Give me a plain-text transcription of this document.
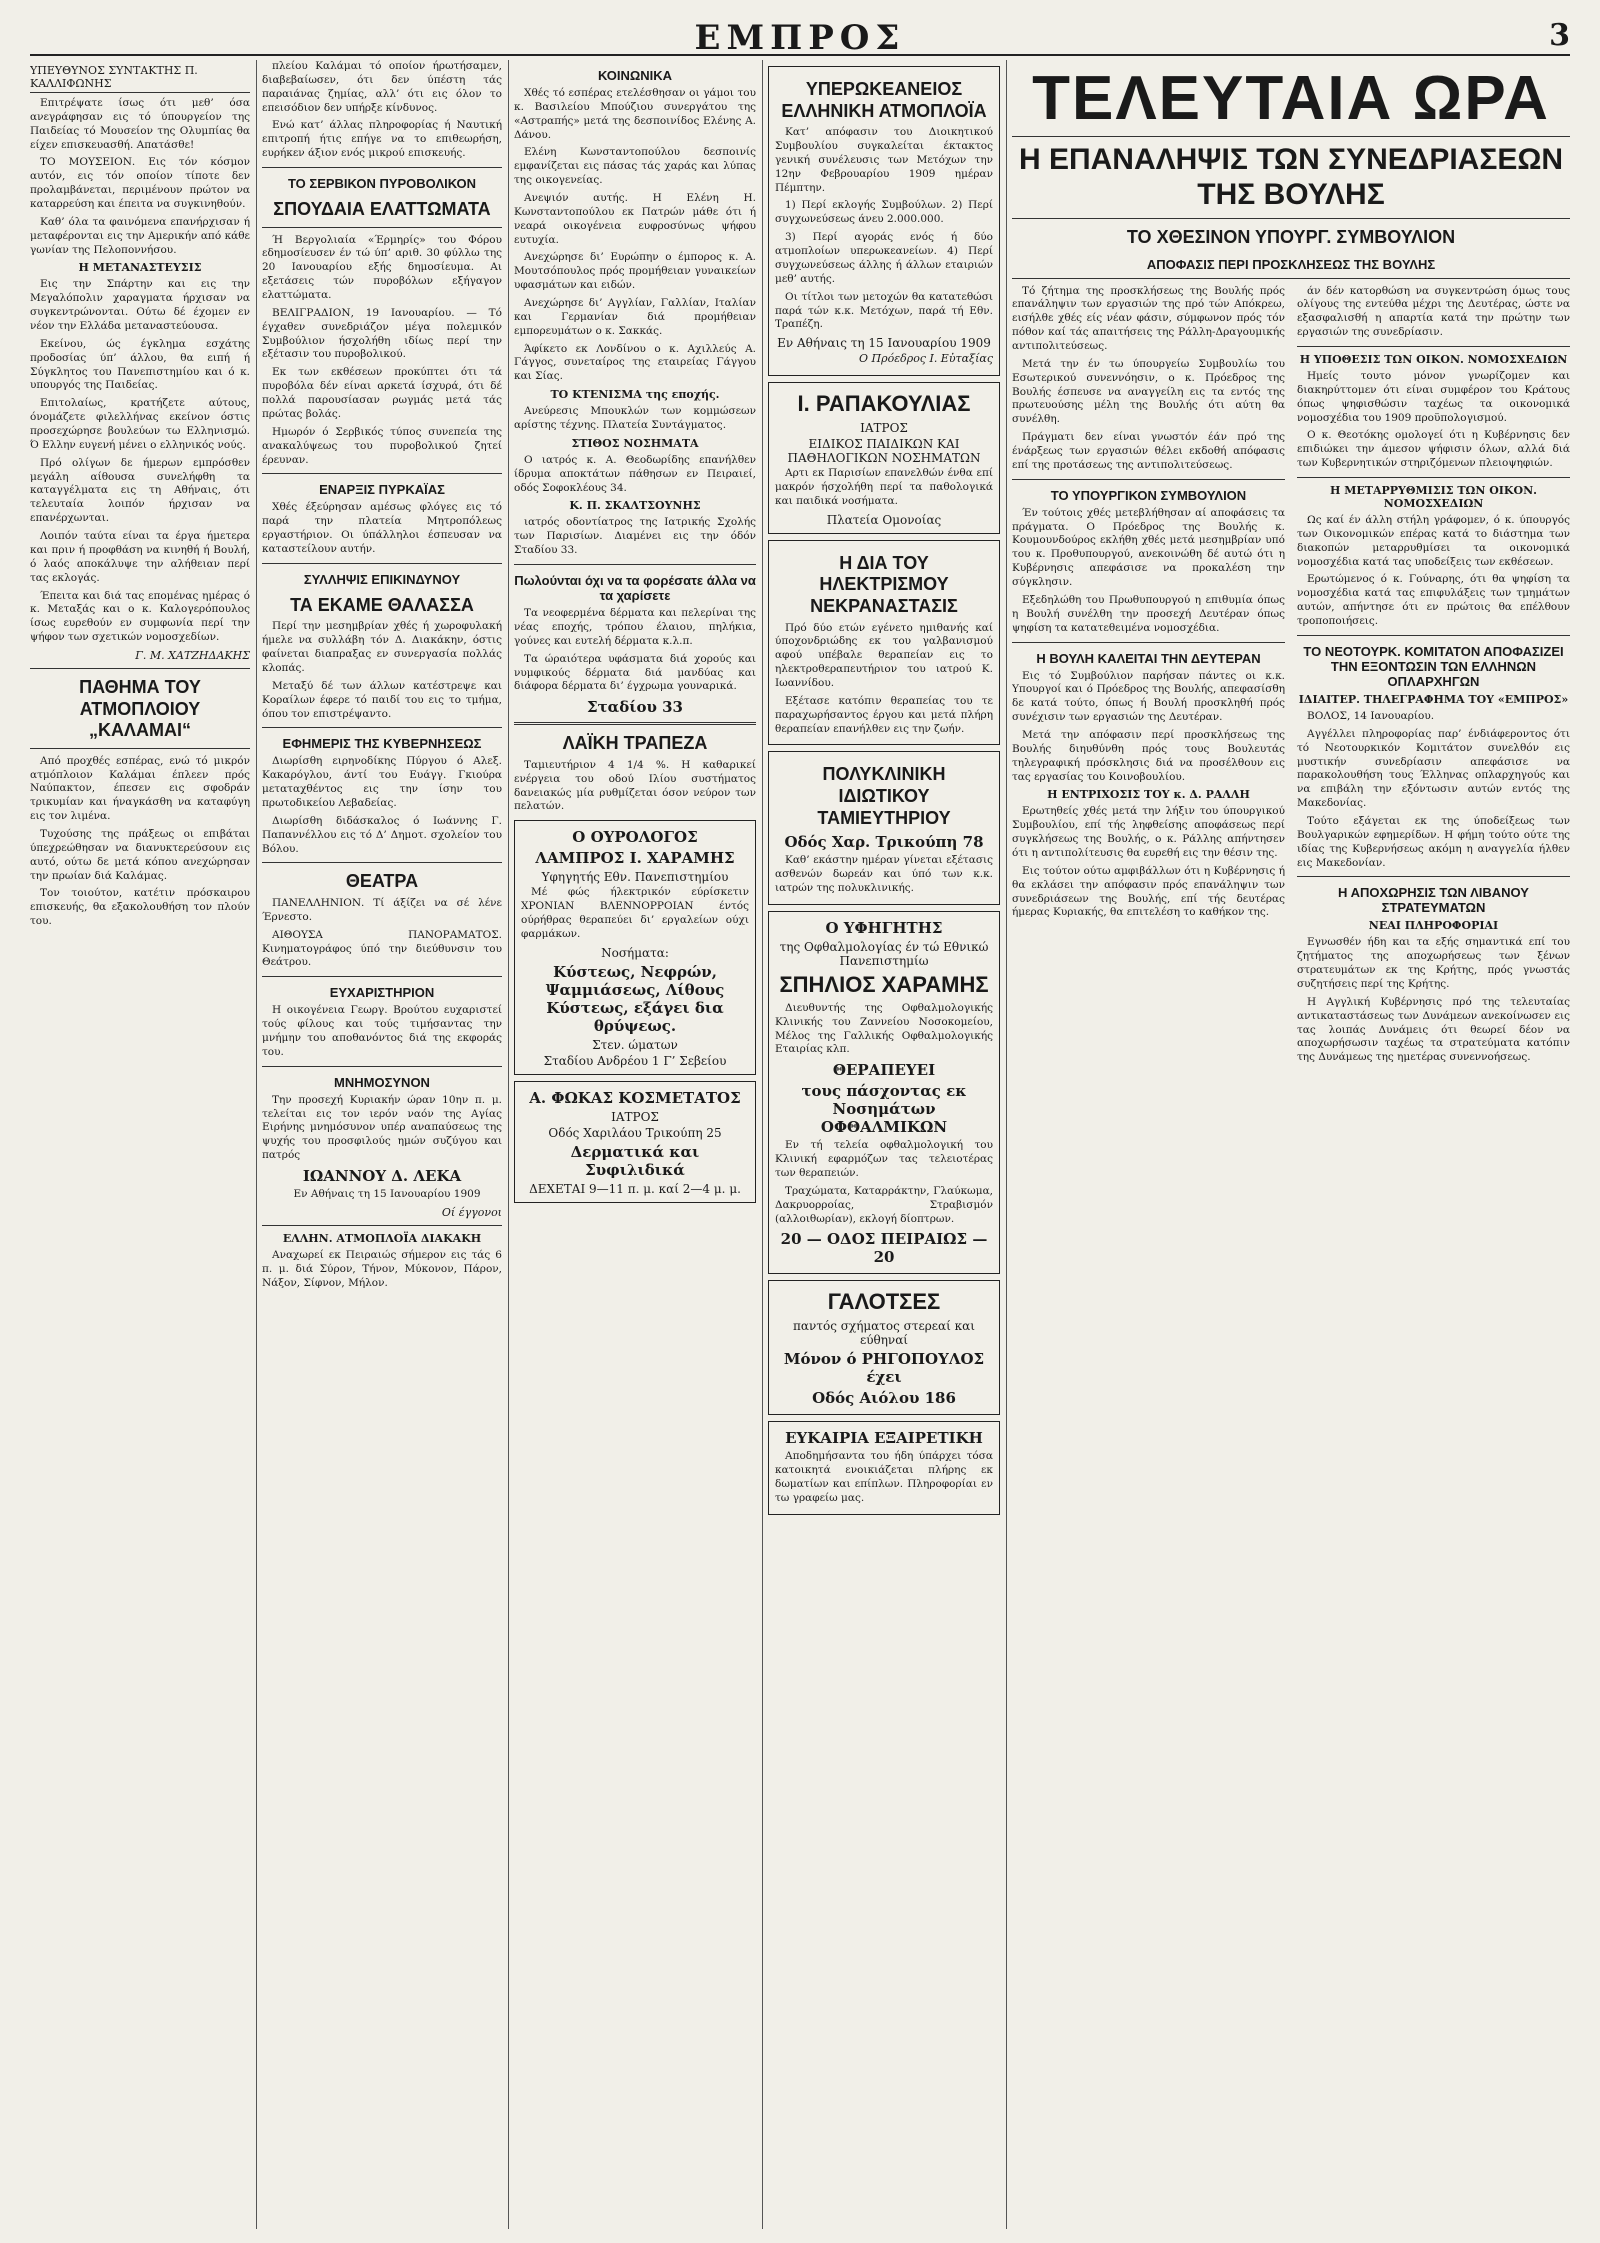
ΕΜΠΡΟΣ	3
ΥΠΕΥΘΥΝΟΣ ΣΥΝΤΑΚΤΗΣ Π. ΚΑΛΛΙΦΩΝΗΣ

Επιτρέψατε ίσως ότι μεθ’ όσα ανεγράφησαν εις τό ύπουργείον της Παιδείας τό Μουσείον της Ολυμπίας θα είχεν επισκευασθή. Απατάσθε!

ΤΟ ΜΟΥΣΕΙΟΝ. Εις τόν κόσμον αυτόν, εις τόν οποίον τίποτε δεν προλαμβάνεται, περιμένουν πρώτον να καταρρεύση και έπειτα να συγκινηθούν.

Καθ’ όλα τα φαινόμενα επανήρχισαν ή μεταφέρονται εις την Αμερικήν από κάθε γωνίαν της Πελοποννήσου.

Η ΜΕΤΑΝΑΣΤΕΥΣΙΣ

Εις την Σπάρτην και εις την Μεγαλόπολιν χαραγματα ήρχισαν να συγκεντρώνονται. Ούτω δέ έχομεν εν νέον την Ελλάδα μεταναστεύουσα.

Εκείνου, ώς έγκλημα εσχάτης προδοσίας ύπ’ άλλου, θα ειπή ή Σύγκλητος του Πανεπιστημίου και ό κ. υπουργός της Παιδείας.

Επιτολαίως, κρατήζετε αύτους, όνομάζετε φιλελλήνας εκείνον όστις προσεχώρησε βουλεύων τω Ελληνισμώ. Ό Ελλην ευγενή μένει ο ελληνικός νούς.

Πρό ολίγων δε ήμερων εμπρόσθεν μεγάλη αίθουσα συνελήφθη τα καταγγέλματα εις τη Αθήναις, ότι τελευταία λοιπόν ήρχισαν να επανέρχωνται.

Λοιπόν ταύτα είναι τα έργα ήμετερα και πριν ή προφθάση να κινηθή ή Βουλή, ό λαός αποκάλυψε την αλήθειαν περί τας εκλογάς.

Έπειτα και διά τας επομένας ημέρας ό κ. Μεταξάς και ο κ. Καλογερόπουλος ίσως ευρεθούν εν συμφωνία περί την ψήφον των σχετικών νομοσχεδίων.

Γ. Μ. ΧΑΤΖΗΔΑΚΗΣ
ΠΑΘΗΜΑ ΤΟΥ ΑΤΜΟΠΛΟΙΟΥ „ΚΑΛΑΜΑΙ“

Από προχθές εσπέρας, ενώ τό μικρόν ατμόπλοιον Καλάμαι έπλεεν πρός Ναύπακτον, έπεσεν εις σφοδράν τρικυμίαν και ήναγκάσθη να καταφύγη εις τον λιμένα.

Τυχούσης της πράξεως οι επιβάται ύπεχρεώθησαν να διανυκτερεύσουν εις αυτό, ούτω δε μετά κόπου ανεχώρησαν την πρωίαν διά Καλάμας.

Τον τοιούτον, κατέτιν πρόσκαιρου επισκευής, θα εξακολουθήση τον πλούν του.

πλείου Καλάμαι τό οποίον ήρωτήσαμεν, διαβεβαίωσεν, ότι δεν ύπέστη τάς παραιάνας ζημίας, αλλ’ ότι εις όλον το επεισόδιον δεν υπήρξε κίνδυνος.

Ενώ κατ’ άλλας πληροφορίας ή Ναυτική επιτροπή ήτις επήγε να το επιθεωρήση, ευρήκεν άξιον ενός μικρού επισκευής.

ΤΟ ΣΕΡΒΙΚΟΝ ΠΥΡΟΒΟΛΙΚΟΝ
ΣΠΟΥΔΑΙΑ ΕΛΑΤΤΩΜΑΤΑ

Ή Βεργολιαία «Έρμηρίς» του Φόρου εδημοσίευσεν έν τώ ύπ’ αριθ. 30 φύλλω της 20 Ιανουαρίου εξής δημοσίευμα. Αι εξετάσεις τών πυροβόλων εξήγαγον ελαττώματα.

ΒΕΛΙΓΡΑΔΙΟΝ, 19 Ιανουαρίου. — Τό έγχαθεν συνεδριάζον μέγα πολεμικόν Συμβούλιον ήσχολήθη ιδίως περί την εξέτασιν του πυροβολικού.

Εκ των εκθέσεων προκύπτει ότι τά πυροβόλα δέν είναι αρκετά ίσχυρά, ότι δέ πολλά παρουσίασαν ρωγμάς μετά τάς πρώτας βολάς.

Ημωρόν ό Σερβικός τύπος συνεπεία της ανακαλύψεως του πυροβολικού ζητεί έρευναν.

ΕΝΑΡΞΙΣ ΠΥΡΚΑΪΑΣ

Χθές έξεύρησαν αμέσως φλόγες εις τό παρά την πλατεία Μητροπόλεως εργαστήριον. Οι ύπάλληλοι έσπευσαν να καταστείλουν αυτήν.

ΣΥΛΛΗΨΙΣ ΕΠΙΚΙΝΔΥΝΟΥ
ΤΑ ΕΚΑΜΕ ΘΑΛΑΣΣΑ

Περί την μεσημβρίαν χθές ή χωροφυλακή ήμελε να συλλάβη τόν Δ. Διακάκην, όστις φαίνεται διαπραξας εν συνεργασία πολλάς κλοπάς.

Μεταξύ δέ των άλλων κατέστρεψε και Κοραίλων έφερε τό παιδί του εις το τμήμα, όπου τον επιστρέψαντο.

ΕΦΗΜΕΡΙΣ ΤΗΣ ΚΥΒΕΡΝΗΣΕΩΣ

Διωρίσθη ειρηνοδίκης Πύργου ό Αλεξ. Κακαρόγλου, άντί του Ευάγγ. Γκιούρα μεταταχθέντος εις την ίσην του πρωτοδικείου Λεβαδείας.

Διωρίσθη διδάσκαλος ό Ιωάννης Γ. Παπαννέλλου εις τό Δ’ Δημοτ. σχολείον του Βόλου.

ΘΕΑΤΡΑ

ΠΑΝΕΛΛΗΝΙΟΝ. Τί άξίζει να σέ λένε Έρνεστο.

ΑΙΘΟΥΣΑ ΠΑΝΟΡΑΜΑΤΟΣ. Κινηματογράφος ύπό την διεύθυνσιν του Θεάτρου.

ΕΥΧΑΡΙΣΤΗΡΙΟΝ

Η οικογένεια Γεωργ. Βρούτου ευχαριστεί τούς φίλους και τούς τιμήσαντας την μνήμην του αποθανόντος διά της εκφοράς του.

ΜΝΗΜΟΣΥΝΟΝ

Την προσεχή Κυριακήν ώραν 10ην π. μ. τελείται εις τον ιερόν ναόν της Αγίας Ειρήνης μνημόσυνον υπέρ αναπαύσεως της ψυχής του προσφιλούς ημών συζύγου και πατρός

ΙΩΑΝΝΟΥ Δ. ΛΕΚΑ

Εν Αθήναις τη 15 Ιανουαρίου 1909

Οί έγγονοι
ΕΛΛΗΝ. ΑΤΜΟΠΛΟΪΑ ΔΙΑΚΑΚΗ

Αναχωρεί εκ Πειραιώς σήμερον εις τάς 6 π. μ. διά Σύρον, Τήνον, Μύκονον, Πάρον, Νάξον, Σίφνον, Μήλον.

ΚΟΙΝΩΝΙΚΑ

Χθές τό εσπέρας ετελέσθησαν οι γάμοι του κ. Βασιλείου Μπούζιου συνεργάτου της «Αστραπής» μετά της δεσποινίδος Ελένης Α. Δάνου.

Ελένη Κωνσταντοπούλου δεσποινίς εμφανίζεται εις πάσας τάς χαράς και λύπας της οικογενείας.

Ανεψιόν αυτής. Η Ελένη Η. Κωνσταντοπούλου εκ Πατρών μάθε ότι ή νεαρά οικογένεια ευφροσύνως ψήφου ευτυχία.

Ανεχώρησε δι’ Ευρώπην ο έμπορος κ. Α. Μουτσόπουλος πρός προμήθειαν γυναικείων υφασμάτων και ειδών.

Ανεχώρησε δι’ Αγγλίαν, Γαλλίαν, Ιταλίαν και Γερμανίαν διά προμήθειαν εμπορευμάτων ο κ. Σακκάς.

Άφίκετο εκ Λονδίνου ο κ. Αχιλλεύς Α. Γάγγος, συνεταίρος της εταιρείας Γάγγου και Σίας.

ΤΟ ΚΤΕΝΙΣΜΑ της εποχής.

Ανεύρεσις Μπουκλών των κομμώσεων αρίστης τέχνης. Πλατεία Συντάγματος.

ΣΤΙΘΟΣ ΝΟΣΗΜΑΤΑ

Ο ιατρός κ. Α. Θεοδωρίδης επανήλθεν ίδρυμα αποκτάτων πάθησων εν Πειραιεί, οδός Σοφοκλέους 34.

Κ. Π. ΣΚΑΛΤΣΟΥΝΗΣ

ιατρός οδοντίατρος της Ιατρικής Σχολής των Παρισίων. Διαμένει εις την όδόν Σταδίου 33.

Πωλούνται όχι να τα φορέσατε άλλα να τα χαρίσετε

Τα νεοφερμένα δέρματα και πελερίναι της νέας εποχής, τρόπου έλαιου, πηλήκια, γούνες και ευτελή δέρματα κ.λ.π.

Τα ώραιότερα υφάσματα διά χορούς και νυμφικούς δέρματα διά μανδύας και διάφορα δέρματα δι’ έγχρωμα γουναρικά.

Σταδίου 33
ΛΑΪΚΗ ΤΡΑΠΕΖΑ

Ταμιευτήριον 4 1/4 %. Η καθαρικεί ενέργεια του οδού Ιλίου συστήματος δανειακώς μία ρυθμίζεται όσον νεύρον των πελατών.

Ο ΟΥΡΟΛΟΓΟΣ
ΛΑΜΠΡΟΣ Ι. ΧΑΡΑΜΗΣ
Υφηγητής Εθν. Πανεπιστημίου

Μέ φώς ήλεκτρικόν εύρίσκετιν ΧΡΟΝΙΑΝ ΒΛΕΝΝΟΡΡΟΙΑΝ έντός ούρήθρας θεραπεύει δι’ εργαλείων ούχι φαρμάκων.

Νοσήματα:
Κύστεως, Νεφρών, Ψαμμιάσεως, Λίθους Κύστεως, εξάγει δια θρύψεως.
Στεν. ώματων
Σταδίου Ανδρέου 1 Γ’ Σεβείου
Α. ΦΩΚΑΣ ΚΟΣΜΕΤΑΤΟΣ
ΙΑΤΡΟΣ
Οδός Χαριλάου Τρικούπη 25
Δερματικά και Συφιλιδικά
ΔΕΧΕΤΑΙ 9—11 π. μ. καί 2—4 μ. μ.
ΥΠΕΡΩΚΕΑΝΕΙΟΣ ΕΛΛΗΝΙΚΗ ΑΤΜΟΠΛΟΪΑ

Κατ’ απόφασιν του Διοικητικού Συμβουλίου συγκαλείται έκτακτος γενική συνέλευσις των Μετόχων την 12ην Φεβρουαρίου 1909 ημέραν Πέμπτην.

1) Περί εκλογής Συμβούλων. 2) Περί συγχωνεύσεως άνευ 2.000.000.

3) Περί αγοράς ενός ή δύο ατμοπλοίων υπερωκεανείων. 4) Περί συγχωνεύσεως άλλης ή άλλων εταιριών μεθ’ αυτής.

Οι τίτλοι των μετοχών θα κατατεθώσι παρά τών κ.κ. Μετόχων, παρά τή Εθν. Τραπέζη.

Εν Αθήναις τη 15 Ιανουαρίου 1909
Ο Πρόεδρος Ι. Εὐταξίας
Ι. ΡΑΠΑΚΟΥΛΙΑΣ
ΙΑΤΡΟΣ
ΕΙΔΙΚΟΣ ΠΑΙΔΙΚΩΝ ΚΑΙ ΠΑΘΗΛΟΓΙΚΩΝ ΝΟΣΗΜΑΤΩΝ

Αρτι εκ Παρισίων επανελθών ένθα επί μακρόν ήσχολήθη περί τα παθολογικά και παιδικά νοσήματα.

Πλατεία Ομονοίας
Η ΔΙΑ ΤΟΥ ΗΛΕΚΤΡΙΣΜΟΥ ΝΕΚΡΑΝΑΣΤΑΣΙΣ

Πρό δύο ετών εγένετο ημιθανής καί ύποχονδριώδης εκ του γαλβανισμού αφού υπέβαλε θεραπείαν εις το ηλεκτροθεραπευτήριον του ιατρού Κ. Ιωαννίδου.

Εξέτασε κατόπιν θεραπείας του τε παραχωρήσαντος έργου και μετά πλήρη θεραπείαν επανήλθεν εις την ζωήν.

ΠΟΛΥΚΛΙΝΙΚΗ ΙΔΙΩΤΙΚΟΥ ΤΑΜΙΕΥΤΗΡΙΟΥ
Οδός Χαρ. Τρικούπη 78

Καθ’ εκάστην ημέραν γίνεται εξέτασις ασθενών δωρεάν και ύπό των κ.κ. ιατρών της πολυκλινικής.

Ο ΥΦΗΓΗΤΗΣ
της Οφθαλμολογίας έν τώ Εθνικώ Πανεπιστημίω
ΣΠΗΛΙΟΣ ΧΑΡΑΜΗΣ

Διευθυντής της Οφθαλμολογικής Κλινικής του Ζαννείου Νοσοκομείου, Μέλος της Γαλλικής Οφθαλμολογικής Εταιρίας κλπ.

ΘΕΡΑΠΕΥΕΙ
τους πάσχοντας εκ Νοσημάτων ΟΦΘΑΛΜΙΚΩΝ

Εν τή τελεία οφθαλμολογική του Κλινική εφαρμόζων τας τελειοτέρας των θεραπειών.

Τραχώματα, Καταρράκτην, Γλαύκωμα, Δακρυορροίας, Στραβισμόν (αλλοιθωρίαν), εκλογή δίοπτρων.

20 — ΟΔΟΣ ΠΕΙΡΑΙΩΣ — 20
ΓΑΛΟΤΣΕΣ
παντός σχήματος στερεαί και εύθηναί
Μόνον ό ΡΗΓΟΠΟΥΛΟΣ έχει
Οδός Αιόλου 186
ΕΥΚΑΙΡΙΑ ΕΞΑΙΡΕΤΙΚΗ

Αποδημήσαντα του ήδη ύπάρχει τόσα κατοικητά ενοικιάζεται πλήρης εκ δωματίων και επίπλων. Πληροφορίαι εν τω γραφείω μας.

ΤΕΛΕΥΤΑΙΑ ΩΡΑ
Η ΕΠΑΝΑΛΗΨΙΣ ΤΩΝ ΣΥΝΕΔΡΙΑΣΕΩΝ ΤΗΣ ΒΟΥΛΗΣ
ΤΟ ΧΘΕΣΙΝΟΝ ΥΠΟΥΡΓ. ΣΥΜΒΟΥΛΙΟΝ
ΑΠΟΦΑΣΙΣ ΠΕΡΙ ΠΡΟΣΚΛΗΣΕΩΣ ΤΗΣ ΒΟΥΛΗΣ

Τό ζήτημα της προσκλήσεως της Βουλής πρός επανάληψιν των εργασιών της πρό τών Απόκρεω, εισήλθε χθές είς νέαν φάσιν, σύμφωνον πρός τόν πόθον καί τάς απαιτήσεις της Ράλλη-Δραγουμικής αντιπολιτεύσεως.

Μετά την έν τω ύπουργείω Συμβουλίω του Εσωτερικού συνεννόησιν, ο κ. Πρόεδρος της Βουλής έσπευσε να αναγγείλη εις τα εντός της πρωτευούσης μέλη της Βουλής ότι αύτη θα συνέλθη.

Πράγματι δεν είναι γνωστόν έάν πρό της ένάρξεως των εργασιών θέλει εκδοθή απόφασις επί της προτάσεως της αντιπολιτεύσεως.

ΤΟ ΥΠΟΥΡΓΙΚΟΝ ΣΥΜΒΟΥΛΙΟΝ

Έν τούτοις χθές μετεβλήθησαν αί αποφάσεις τα πράγματα. Ο Πρόεδρος της Βουλής κ. Κουμουνδούρος εκλήθη χθές μετά μεσημβρίαν υπό του κ. Προθυπουργού, ανεκοινώθη δέ αυτώ ότι η Κυβέρνησις απεφάσισε να προκαλέση την σύγκλησιν.

Εξεδηλώθη του Πρωθυπουργού η επιθυμία όπως η Βουλή συνέλθη την προσεχή Δευτέραν όπως ψηφίση τα κατατεθειμένα νομοσχέδια.

Η ΒΟΥΛΗ ΚΑΛΕΙΤΑΙ ΤΗΝ ΔΕΥΤΕΡΑΝ

Εις τό Συμβούλιον παρήσαν πάντες οι κ.κ. Υπουργοί και ό Πρόεδρος της Βουλής, απεφασίσθη δε κατά τούτο, όπως ή Βουλή προσκληθή πρός συνέχισιν των εργασιών της Δευτέραν.

Μετά την απόφασιν περί προσκλήσεως της Βουλής διηυθύνθη πρός τους Βουλευτάς τηλεγραφική πρόσκλησις διά να προσέλθουν εις τας εργασίας του Κοινοβουλίου.

Η ΕΝΤΡΙΧΟΣΙΣ ΤΟΥ κ. Δ. ΡΑΛΛΗ

Ερωτηθείς χθές μετά την λήξιν του ύπουργικού Συμβουλίου, επί τής ληφθείσης αποφάσεως περί συγκλήσεως της Βουλής, ο κ. Ράλλης απήντησεν ότι η αντιπολίτευσις θα ευρεθή εις την θέσιν της.

Εις τούτον ούτω αμφιβάλλων ότι η Κυβέρνησις ή θα εκλάσει την απόφασιν πρός επανάληψιν των συνεδριάσεων της Βουλής, επί τής δευτέρας ήμερας Κυριακής, θα επιτελέση το καθήκον της.

άν δέν κατορθώση να συγκεντρώση όμως τους ολίγους της εντεύθα μέχρι της Δευτέρας, ώστε να εξασφαλισθή η απαρτία κατά την πρώτην των εργασιών της συνεδρίασιν.

Η ΥΠΟΘΕΣΙΣ ΤΩΝ ΟΙΚΟΝ. ΝΟΜΟΣΧΕΔΙΩΝ

Ημείς τουτο μόνον γνωρίζομεν και διακηρύττομεν ότι είναι συμφέρον του Κράτους όπως ψηφισθώσιν ταχέως τα οικονομικά νομοσχέδια του 1909 προϋπολογισμού.

Ο κ. Θεοτόκης ομολογεί ότι η Κυβέρνησις δεν επιδιώκει την άμεσον ψήφισιν όλων, αλλά διά των Κυβερνητικών στηριζόμενων πλειοψηφιών.

Η ΜΕΤΑΡΡΥΘΜΙΣΙΣ ΤΩΝ ΟΙΚΟΝ. ΝΟΜΟΣΧΕΔΙΩΝ

Ως καί έν άλλη στήλη γράφομεν, ό κ. ύπουργός των Οικονομικών επέρας κατά το διάστημα των διακοπών μεταρρυθμίσει τα οικονομικά νομοσχέδια κατά τας υποδείξεις των εκθέσεων.

Ερωτώμενος ό κ. Γούναρης, ότι θα ψηφίση τα νομοσχέδια κατά τας επιφυλάξεις των τμημάτων αυτών, απήντησε ότι εν πρώτοις θα επέλθουν τροποποιήσεις.

ΤΟ ΝΕΟΤΟΥΡΚ. ΚΟΜΙΤΑΤΟΝ ΑΠΟΦΑΣΙΖΕΙ ΤΗΝ ΕΞΟΝΤΩΣΙΝ ΤΩΝ ΕΛΛΗΝΩΝ ΟΠΛΑΡΧΗΓΩΝ
ΙΔΙΑΙΤΕΡ. ΤΗΛΕΓΡΑΦΗΜΑ ΤΟΥ «ΕΜΠΡΟΣ»

ΒΟΛΟΣ, 14 Ιανουαρίου.

Αγγέλλει πληροφορίας παρ’ ένδιάφεροντος ότι τό Νεοτουρκικόν Κομιτάτον συνελθόν εις μυστικήν συνεδρίασιν απεφάσισε να παρακολουθήση τους Έλληνας οπλαρχηγούς και να επιβάλη την εξόντωσιν αυτών εντός της Μακεδονίας.

Τούτο εξάγεται εκ της ύποδείξεως των Βουλγαρικών εφημερίδων. Η φήμη τούτο ούτε της ιδίας της Κυβερνήσεως ακόμη η αναγγελία ήλθεν εις Μακεδονίαν.

Η ΑΠΟΧΩΡΗΣΙΣ ΤΩΝ ΛΙΒΑΝΟΥ ΣΤΡΑΤΕΥΜΑΤΩΝ
ΝΕΑΙ ΠΛΗΡΟΦΟΡΙΑΙ

Εγνωσθέν ήδη και τα εξής σημαντικά επί του ζητήματος της αποχωρήσεως των ξένων στρατευμάτων εκ της Κρήτης, πρός γνωστάς συζητήσεις περί της Κρήτης.

Η Αγγλική Κυβέρνησις πρό της τελευταίας αντικαταστάσεως των Δυνάμεων ανεκοίνωσεν εις τας λοιπάς Δυνάμεις ότι θεωρεί δέον να αποχωρήσωσιν ταχέως τα στρατεύματα κατόπιν της Δυνάμεως της ημετέρας συνεννοήσεως.
